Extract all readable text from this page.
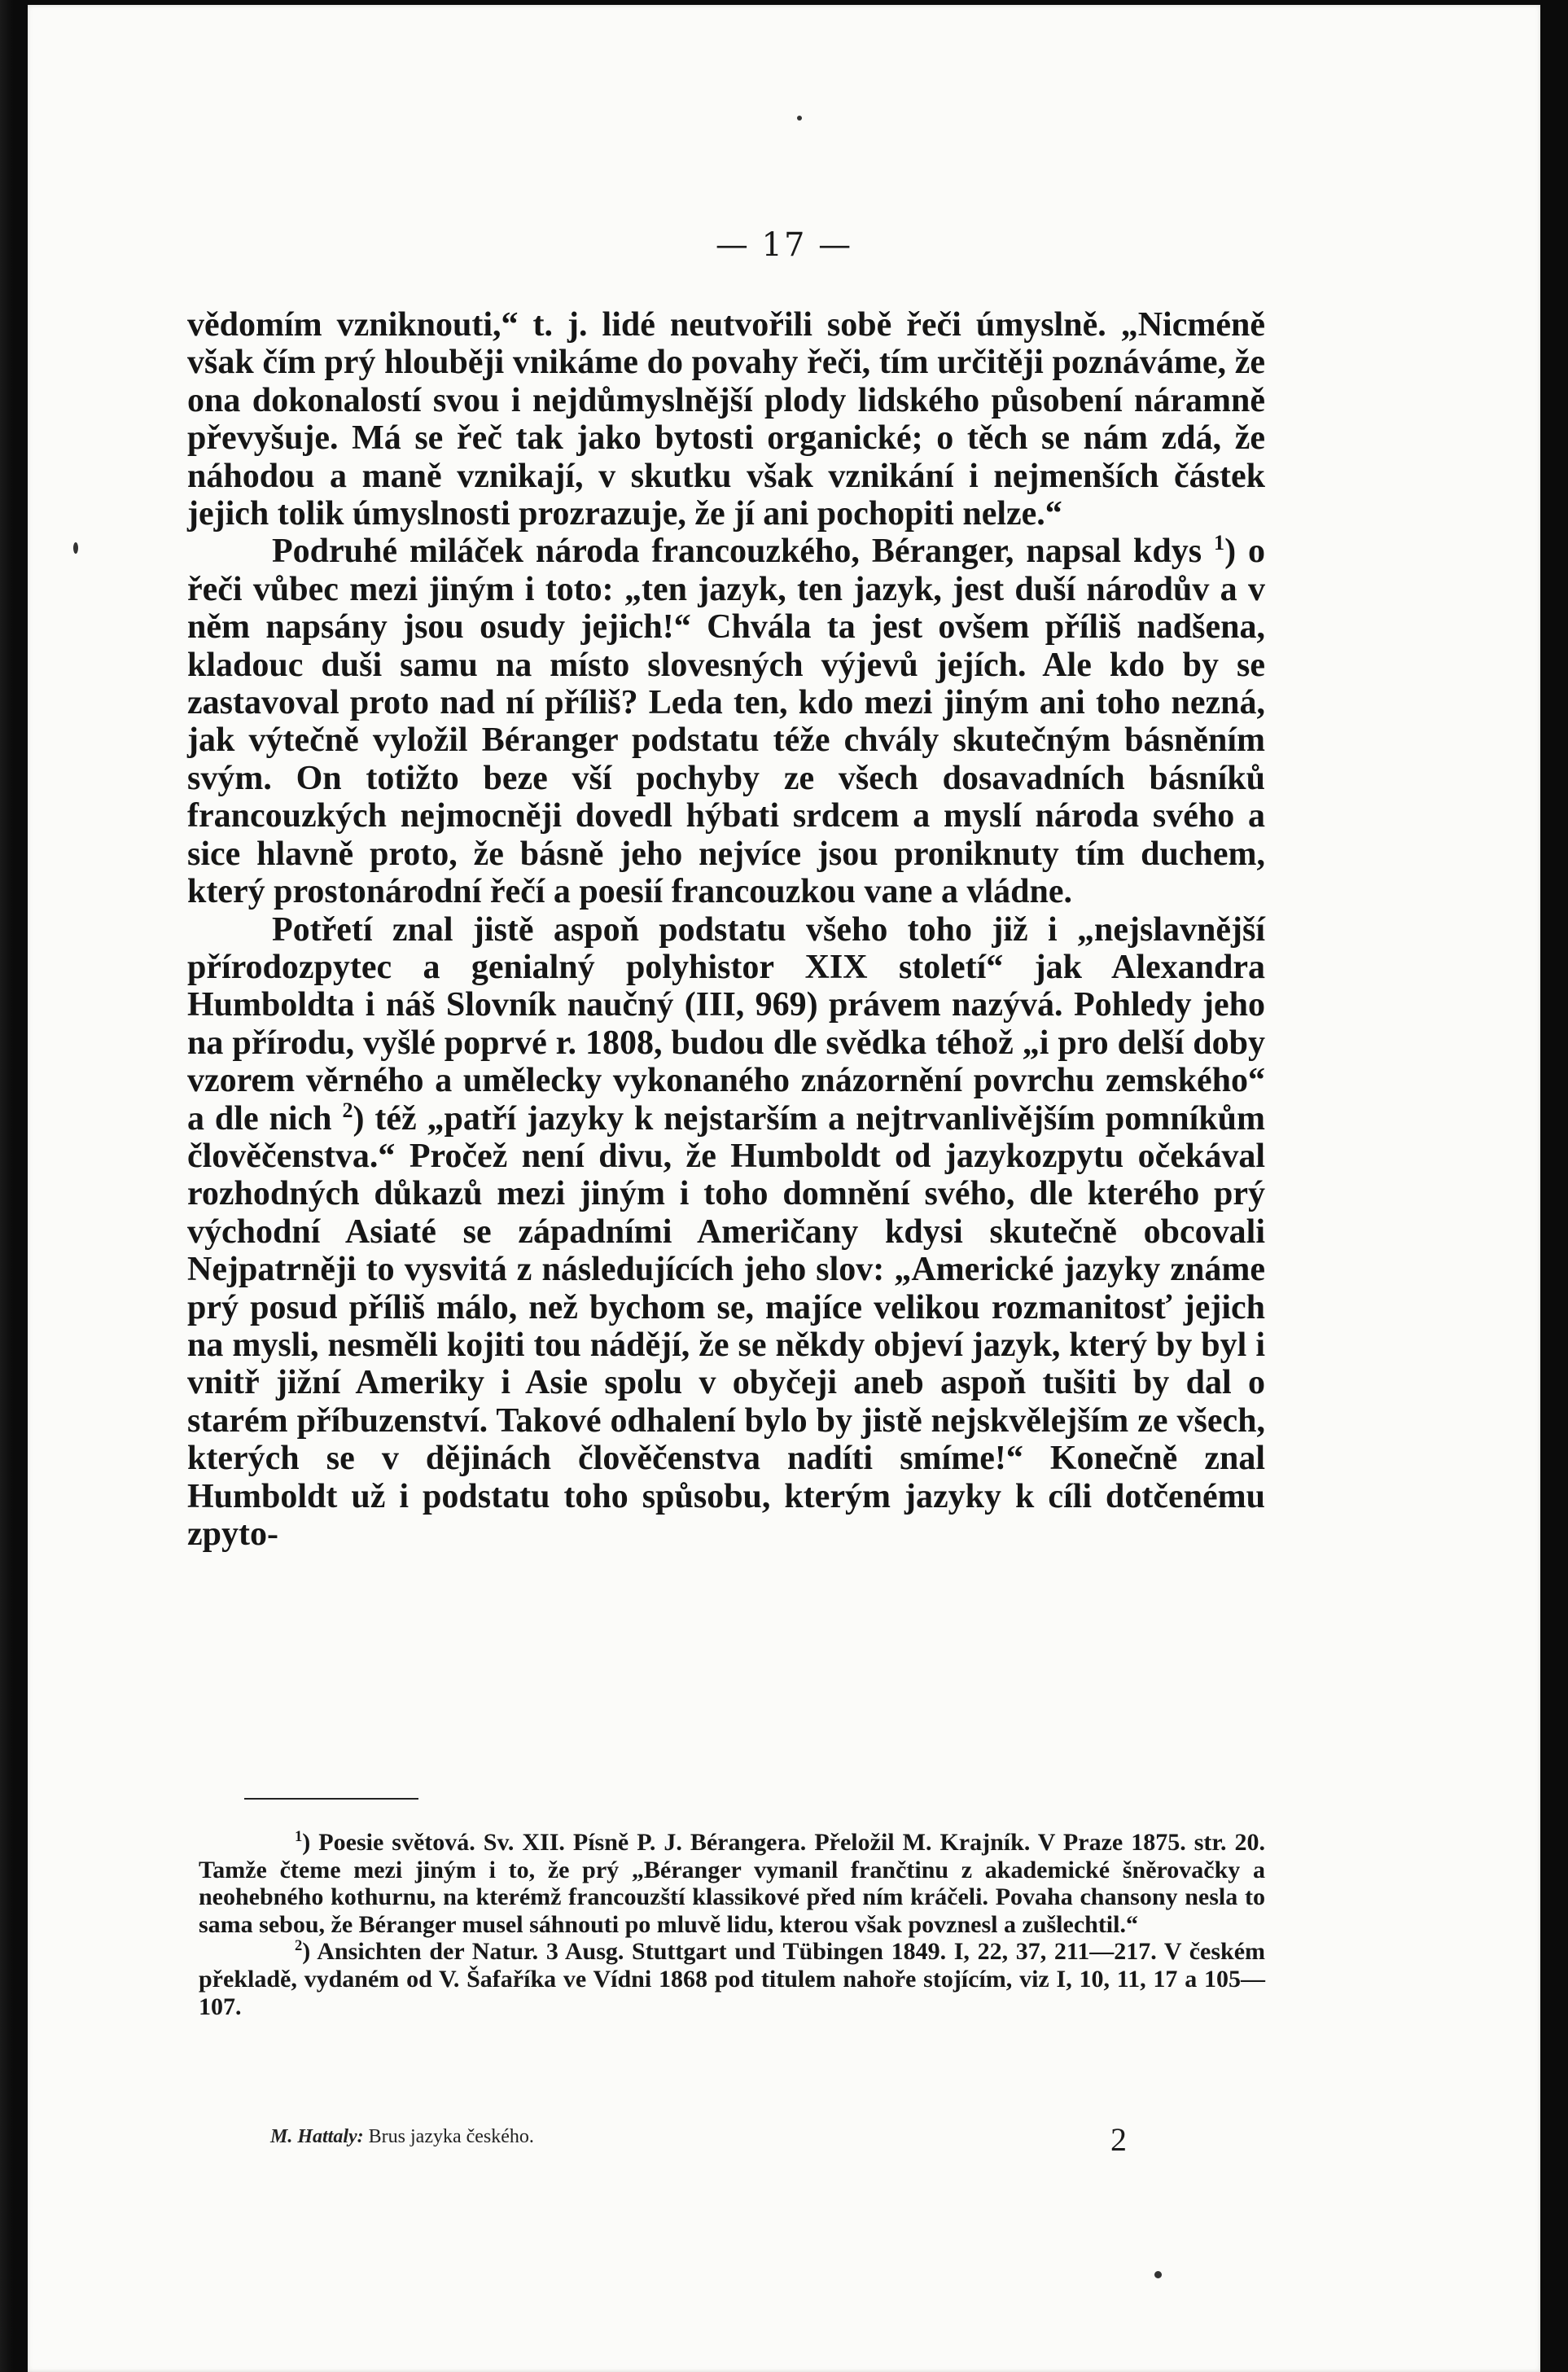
— 17 —

vědomím vzniknouti,“ t. j. lidé neutvořili sobě řeči úmyslně. „Nicméně však čím prý hlouběji vnikáme do povahy řeči, tím určitěji poznáváme, že ona dokonalostí svou i nejdůmyslnější plody lidského působení náramně převyšuje. Má se řeč tak jako bytosti organické; o těch se nám zdá, že náhodou a maně vznikají, v skutku však vznikání i nejmenších částek jejich tolik úmyslnosti prozrazuje, že jí ani pochopiti nelze.“

Podruhé miláček národa francouzkého, Béranger, napsal kdys $^1$) o řeči vůbec mezi jiným i toto: „ten jazyk, ten jazyk, jest duší národův a v něm napsány jsou osudy jejich!“ Chvála ta jest ovšem příliš nadšena, kladouc duši samu na místo slovesných výjevů jejích. Ale kdo by se zastavoval proto nad ní příliš? Leda ten, kdo mezi jiným ani toho nezná, jak výtečně vyložil Béranger podstatu téže chvály skutečným básněním svým. On totižto beze vší pochyby ze všech dosavadních básníků francouzkých nejmocněji dovedl hýbati srdcem a myslí národa svého a sice hlavně proto, že básně jeho nejvíce jsou proniknuty tím duchem, který prostonárodní řečí a poesií francouzkou vane a vládne.

Potřetí znal jistě aspoň podstatu všeho toho již i „nejslavnější přírodozpytec a genialný polyhistor XIX století“ jak Alexandra Humboldta i náš Slovník naučný (III, 969) právem nazývá. Pohledy jeho na přírodu, vyšlé poprvé r. 1808, budou dle svědka téhož „i pro delší doby vzorem věrného a umělecky vykonaného znázornění povrchu zemského“ a dle nich $^2$) též „patří jazyky k nejstarším a nejtrvanlivějším pomníkům člověčenstva.“ Pročež není divu, že Humboldt od jazykozpytu očekával rozhodných důkazů mezi jiným i toho domnění svého, dle kterého prý východní Asiaté se západními Američany kdysi skutečně obcovali Nejpatrněji to vysvitá z následujících jeho slov: „Americké jazyky známe prý posud příliš málo, než bychom se, majíce velikou rozmanitosť jejich na mysli, nesměli kojiti tou nádějí, že se někdy objeví jazyk, který by byl i vnitř jižní Ameriky i Asie spolu v obyčeji aneb aspoň tušiti by dal o starém příbuzenství. Takové odhalení bylo by jistě nejskvělejším ze všech, kterých se v dějinách člověčenstva nadíti smíme!“ Konečně znal Humboldt už i podstatu toho spůsobu, kterým jazyky k cíli dotčenému zpyto-

$^1$) Poesie světová. Sv. XII. Písně P. J. Bérangera. Přeložil M. Krajník. V Praze 1875. str. 20. Tamže čteme mezi jiným i to, že prý „Béranger vymanil frančtinu z akademické šněrovačky a neohebného kothurnu, na kterémž francouzští klassikové před ním kráčeli. Povaha chansony nesla to sama sebou, že Béranger musel sáhnouti po mluvě lidu, kterou však povznesl a zušlechtil.“

$^2$) Ansichten der Natur. 3 Ausg. Stuttgart und Tübingen 1849. I, 22, 37, 211—217. V českém překladě, vydaném od V. Šafaříka ve Vídni 1868 pod titulem nahoře stojícím, viz I, 10, 11, 17 a 105—107.

M. Hattaly: Brus jazyka českého.	2
